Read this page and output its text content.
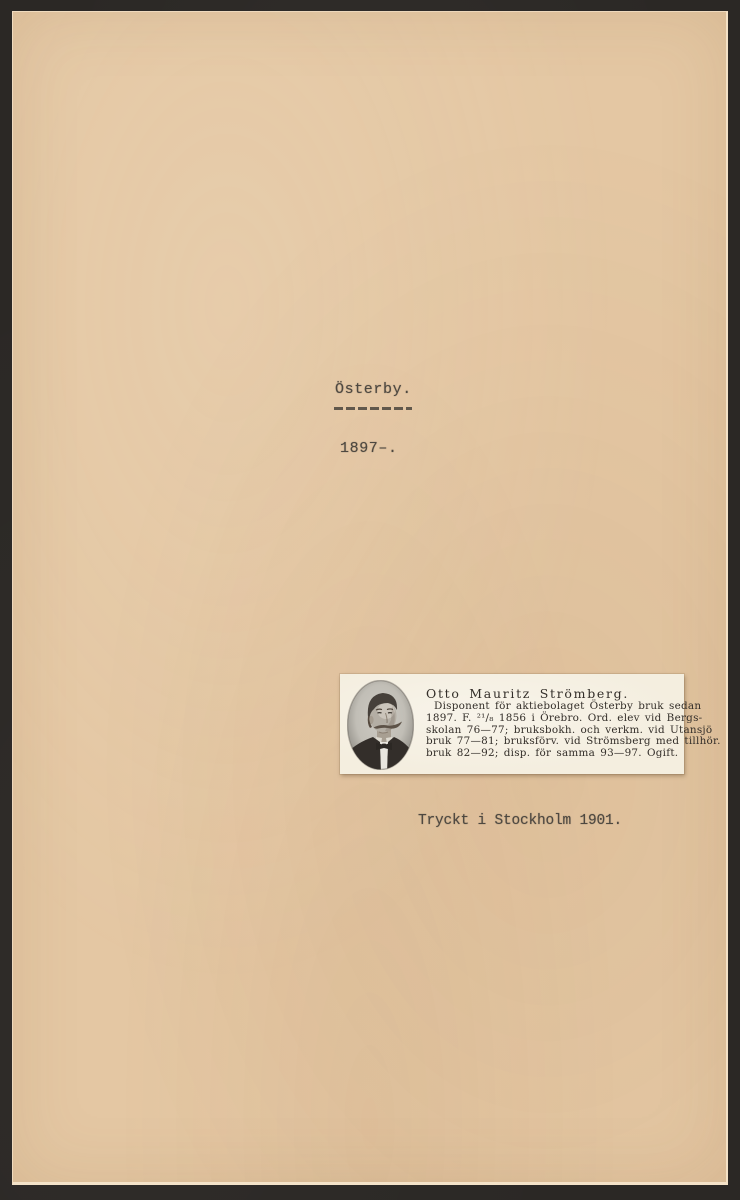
Österby.
1897–.
Otto Mauritz Strömberg.
Disponent för aktiebolaget Österby bruk sedan
1897. F. ²¹/₈ 1856 i Örebro. Ord. elev vid Bergs-
skolan 76—77; bruksbokh. och verkm. vid Utansjö
bruk 77—81; bruksförv. vid Strömsberg med tillhör.
bruk 82—92; disp. för samma 93—97. Ogift.
Tryckt i Stockholm 1901.
